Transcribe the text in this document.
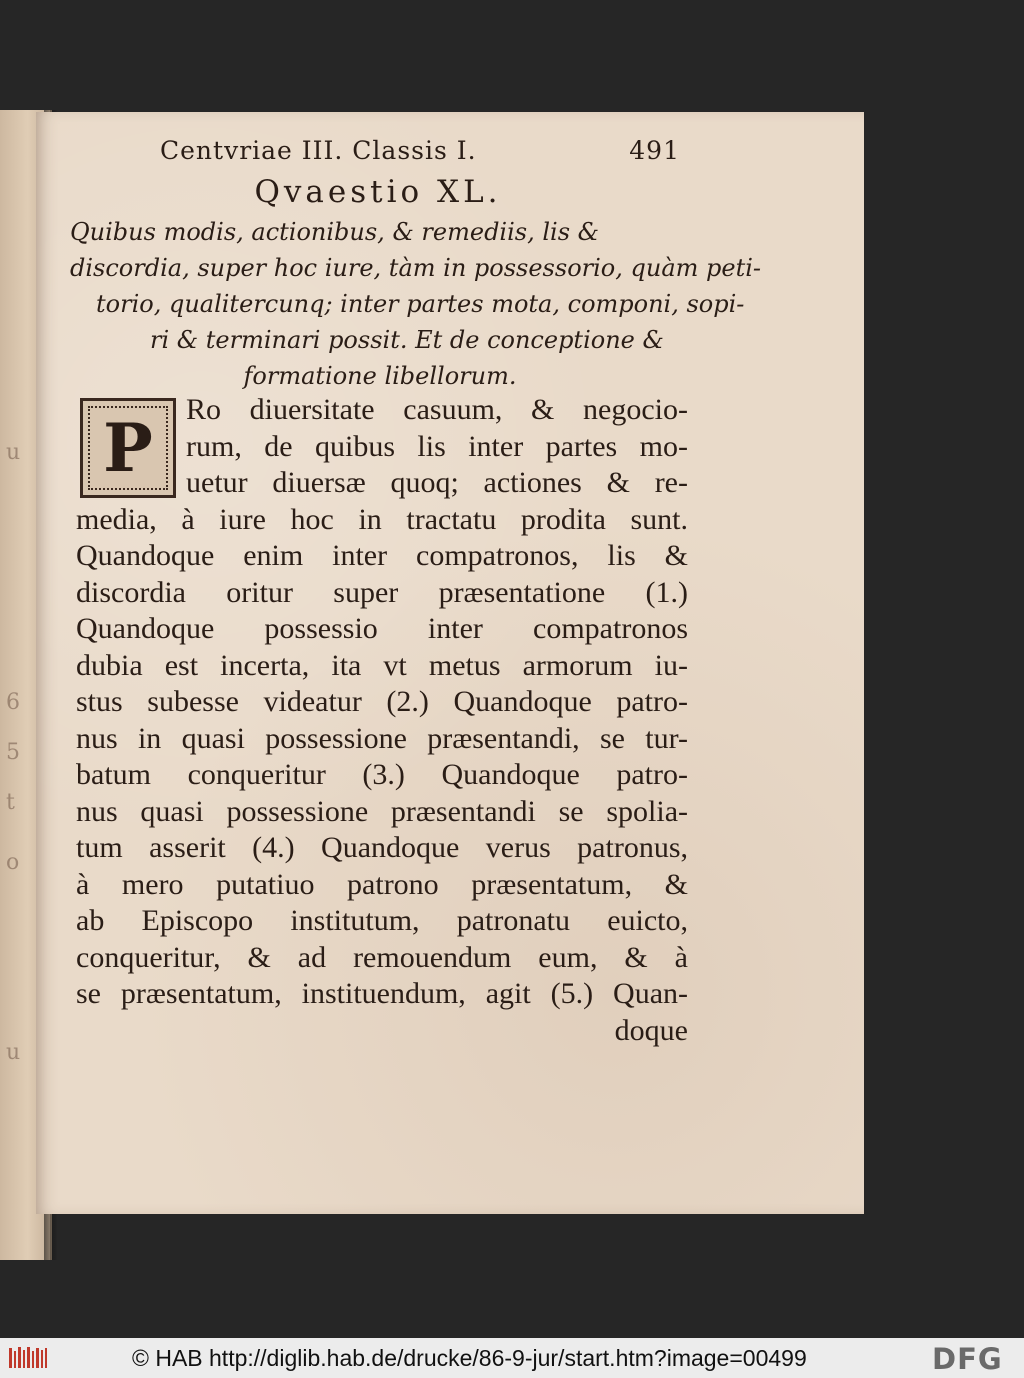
u
6
5
t
o
u
Centvriae III. Classis I.	491
Qvaestio XL.
Quibus modis, actionibus, & remediis, lis &
discordia, super hoc iure, tàm in possessorio, quàm peti-
torio, qualitercunq; inter partes mota, componi, sopi-
ri & terminari possit. Et de conceptione &
formatione libellorum.
P	Ro diuersitate casuum, & negocio-
rum, de quibus lis inter partes mo-
uetur diuersæ quoq; actiones & re-
media, à iure hoc in tractatu prodita sunt.
Quandoque enim inter compatronos, lis &
discordia oritur super præsentatione (1.)
Quandoque possessio inter compatronos
dubia est incerta, ita vt metus armorum iu-
stus subesse videatur (2.) Quandoque patro-
nus in quasi possessione præsentandi, se tur-
batum conqueritur (3.) Quandoque patro-
nus quasi possessione præsentandi se spolia-
tum asserit (4.) Quandoque verus patronus,
à mero putatiuo patrono præsentatum, &
ab Episcopo institutum, patronatu euicto,
conqueritur, & ad remouendum eum, & à
se præsentatum, instituendum, agit (5.) Quan-
doque
© HAB http://diglib.hab.de/drucke/86-9-jur/start.htm?image=00499	DFG
